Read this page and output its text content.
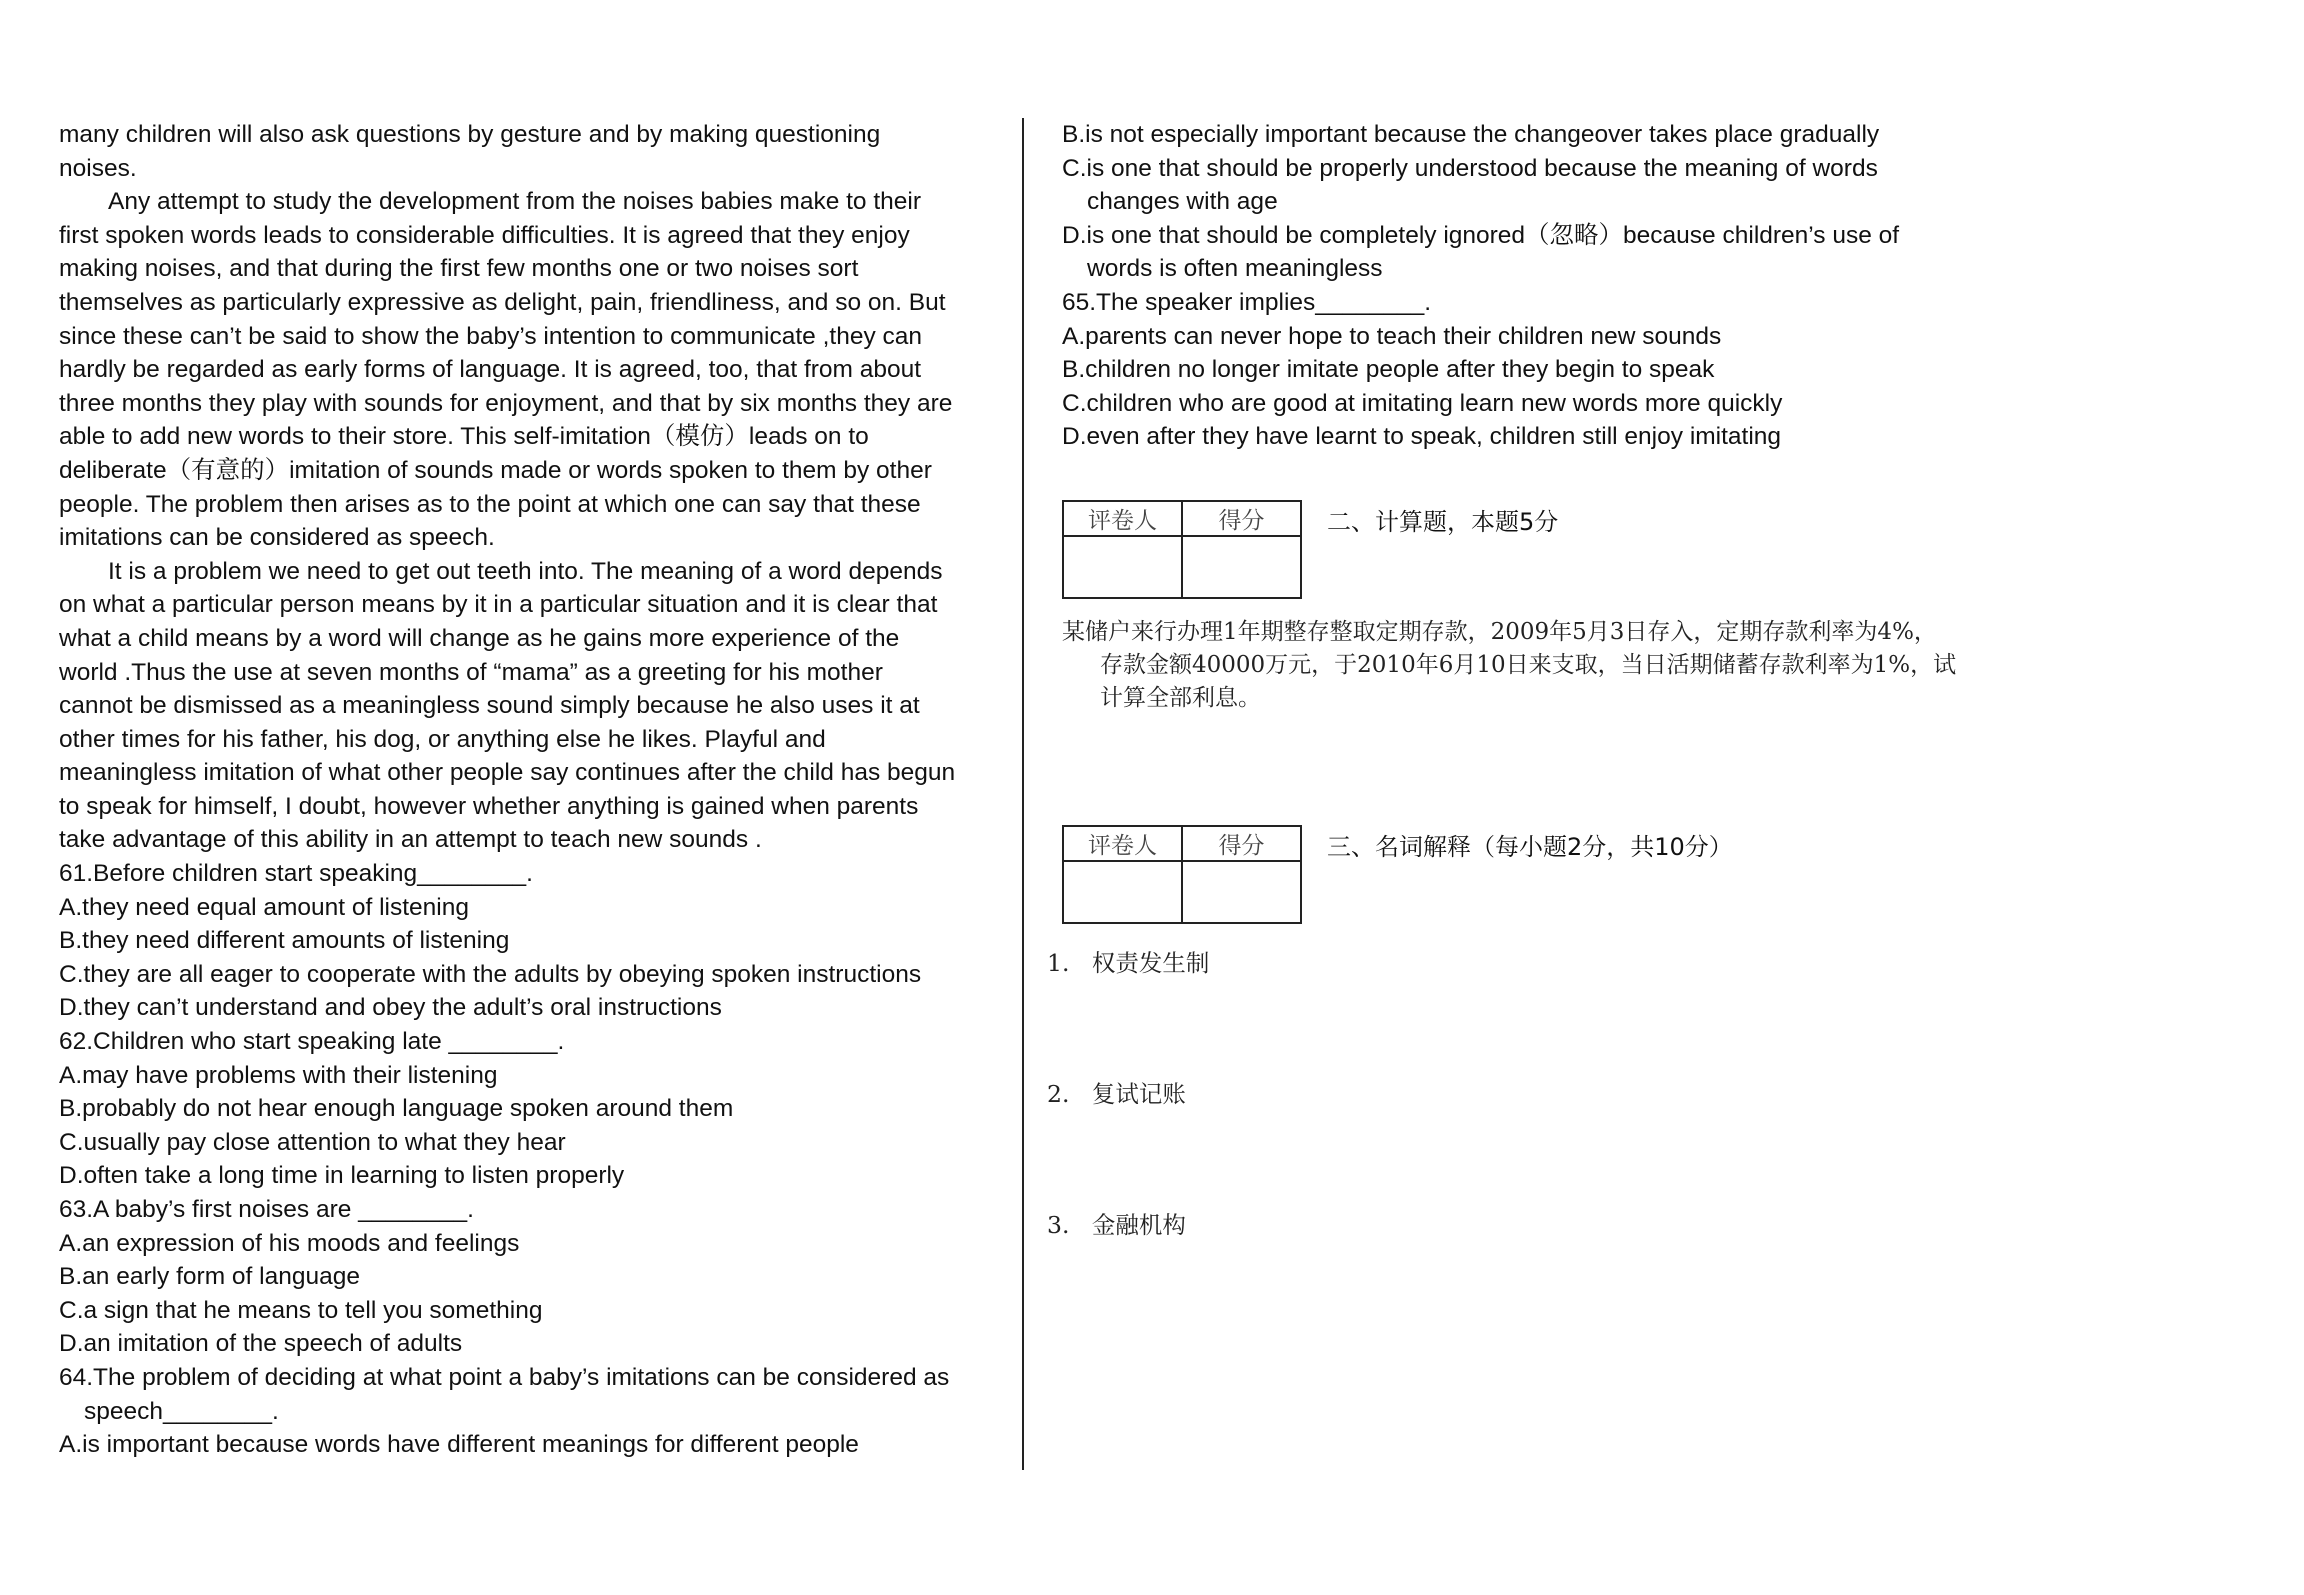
many children will also ask questions by gesture and by making questioning

noises.

Any attempt to study the development from the noises babies make to their

first spoken words leads to considerable difficulties. It is agreed that they enjoy

making noises, and that during the first few months one or two noises sort

themselves as particularly expressive as delight, pain, friendliness, and so on. But

since these can’t be said to show the baby’s intention to communicate ,they can

hardly be regarded as early forms of language. It is agreed, too, that from about

three months they play with sounds for enjoyment, and that by six months they are

able to add new words to their store. This self-imitation（模仿）leads on to

deliberate（有意的）imitation of sounds made or words spoken to them by other

people. The problem then arises as to the point at which one can say that these

imitations can be considered as speech.

It is a problem we need to get out teeth into. The meaning of a word depends

on what a particular person means by it in a particular situation and it is clear that

what a child means by a word will change as he gains more experience of the

world .Thus the use at seven months of “mama” as a greeting for his mother

cannot be dismissed as a meaningless sound simply because he also uses it at

other times for his father, his dog, or anything else he likes. Playful and

meaningless imitation of what other people say continues after the child has begun

to speak for himself, I doubt, however whether anything is gained when parents

take advantage of this ability in an attempt to teach new sounds .

61.Before children start speaking________.

A.they need equal amount of listening

B.they need different amounts of listening

C.they are all eager to cooperate with the adults by obeying spoken instructions

D.they can’t understand and obey the adult’s oral instructions

62.Children who start speaking late ________.

A.may have problems with their listening

B.probably do not hear enough language spoken around them

C.usually pay close attention to what they hear

D.often take a long time in learning to listen properly

63.A baby’s first noises are ________.

A.an expression of his moods and feelings

B.an early form of language

C.a sign that he means to tell you something

D.an imitation of the speech of adults

64.The problem of deciding at what point a baby’s imitations can be considered as

speech________.

A.is important because words have different meanings for different people

B.is not especially important because the changeover takes place gradually

C.is one that should be properly understood because the meaning of words

changes with age

D.is one that should be completely ignored（忽略）because children’s use of

words is often meaningless

65.The speaker implies________.

A.parents can never hope to teach their children new sounds

B.children no longer imitate people after they begin to speak

C.children who are good at imitating learn new words more quickly

D.even after they have learnt to speak, children still enjoy imitating

评卷人	得分
		二、计算题，本题5分
某储户来行办理1年期整存整取定期存款，2009年5月3日存入，定期存款利率为4%，
存款金额40000万元，于2010年6月10日来支取，当日活期储蓄存款利率为1%，试
计算全部利息。
评卷人	得分
		三、名词解释（每小题2分，共10分）
1.   权责发生制
2.   复试记账
3.   金融机构
